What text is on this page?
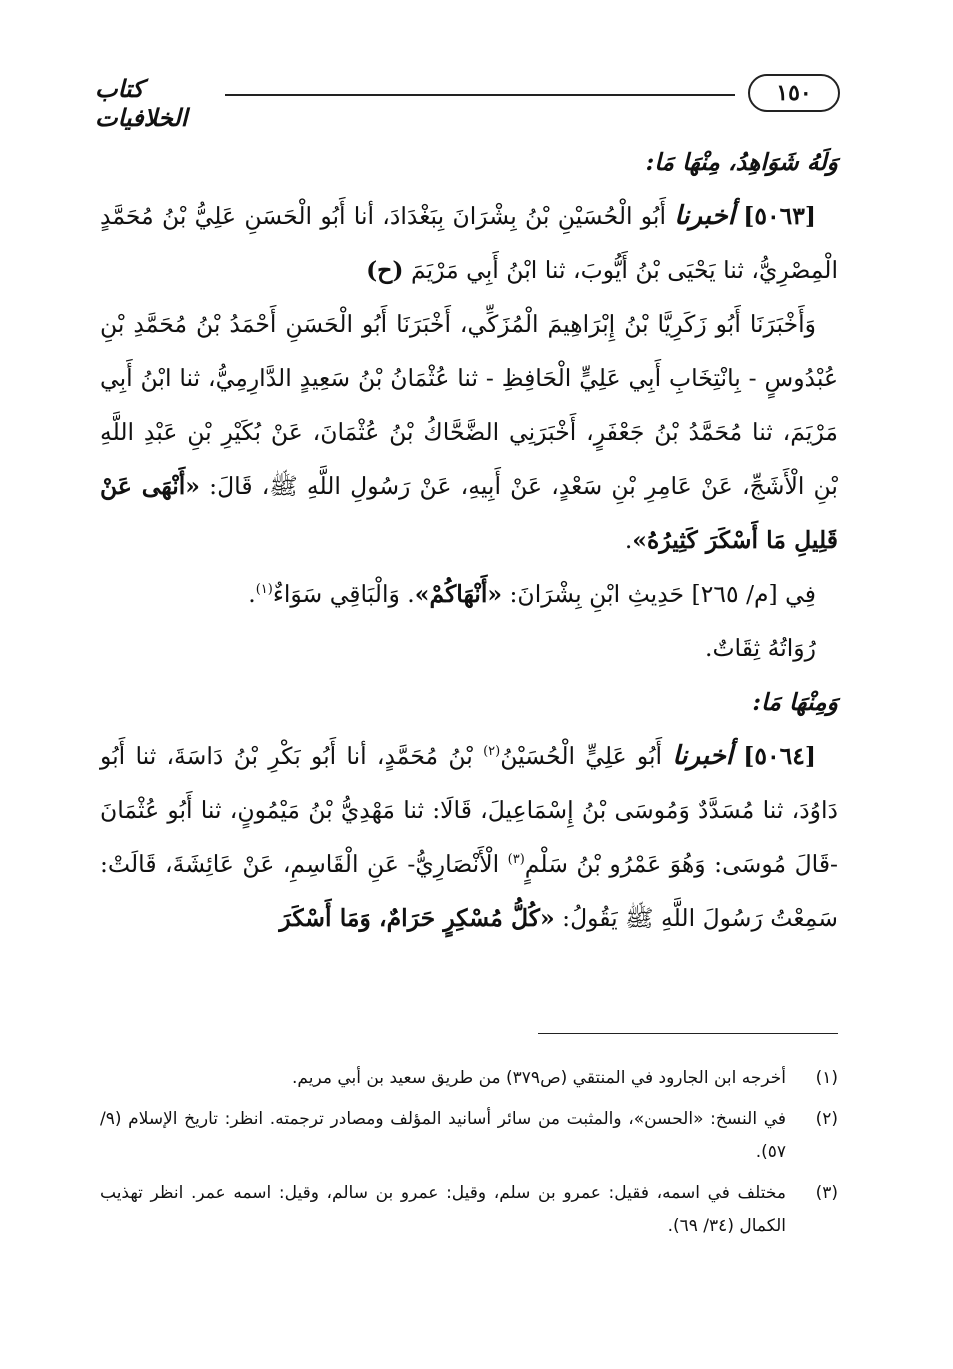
كتاب الخلافيات
١٥٠

وَلَهُ شَوَاهِدُ، مِنْهَا مَا:

[٥٠٦٣] أخبرنا أَبُو الْحُسَيْنِ بْنُ بِشْرَانَ بِبَغْدَادَ، أنا أَبُو الْحَسَنِ عَلِيُّ بْنُ مُحَمَّدٍ الْمِصْرِيُّ، ثنا يَحْيَى بْنُ أَيُّوبَ، ثنا ابْنُ أَبِي مَرْيَمَ (ح)

وَأَخْبَرَنَا أَبُو زَكَرِيَّا بْنُ إِبْرَاهِيمَ الْمُزَكِّي، أَخْبَرَنَا أَبُو الْحَسَنِ أَحْمَدُ بْنُ مُحَمَّدِ بْنِ عُبْدُوسٍ - بِانْتِخَابِ أَبِي عَلِيٍّ الْحَافِظِ - ثنا عُثْمَانُ بْنُ سَعِيدٍ الدَّارِمِيُّ، ثنا ابْنُ أَبِي مَرْيَمَ، ثنا مُحَمَّدُ بْنُ جَعْفَرٍ، أَخْبَرَنِي الضَّحَّاكُ بْنُ عُثْمَانَ، عَنْ بُكَيْرِ بْنِ عَبْدِ اللَّهِ بْنِ الْأَشَجِّ، عَنْ عَامِرِ بْنِ سَعْدٍ، عَنْ أَبِيهِ، عَنْ رَسُولِ اللَّهِ ﷺ، قَالَ: «أَنْهَى عَنْ قَلِيلِ مَا أَسْكَرَ كَثِيرُهُ».

فِي [م/ ٢٦٥] حَدِيثِ ابْنِ بِشْرَانَ: «أَنْهَاكُمْ». وَالْبَاقِي سَوَاءٌ$^{(١)}$.

رُوَاتُهُ ثِقَاتٌ.

وَمِنْهَا مَا:

[٥٠٦٤] أخبرنا أَبُو عَلِيٍّ الْحُسَيْنُ$^{(٢)}$ بْنُ مُحَمَّدٍ، أنا أَبُو بَكْرِ بْنُ دَاسَةَ، ثنا أَبُو دَاوُدَ، ثنا مُسَدَّدٌ وَمُوسَى بْنُ إِسْمَاعِيلَ، قَالَا: ثنا مَهْدِيُّ بْنُ مَيْمُونٍ، ثنا أَبُو عُثْمَانَ -قَالَ مُوسَى: وَهُوَ عَمْرُو بْنُ سَلْمٍ$^{(٣)}$ الْأَنْصَارِيُّ- عَنِ الْقَاسِمِ، عَنْ عَائِشَةَ، قَالَتْ: سَمِعْتُ رَسُولَ اللَّهِ ﷺ يَقُولُ: «كُلُّ مُسْكِرٍ حَرَامٌ، وَمَا أَسْكَرَ

(١)
أخرجه ابن الجارود في المنتقي (ص٣٧٩) من طريق سعيد بن أبي مريم.
(٢)
في النسخ: «الحسن»، والمثبت من سائر أسانيد المؤلف ومصادر ترجمته. انظر: تاريخ الإسلام (٩/ ٥٧).
(٣)
مختلف في اسمه، فقيل: عمرو بن سلم، وقيل: عمرو بن سالم، وقيل: اسمه عمر. انظر تهذيب الكمال (٣٤/ ٦٩).
